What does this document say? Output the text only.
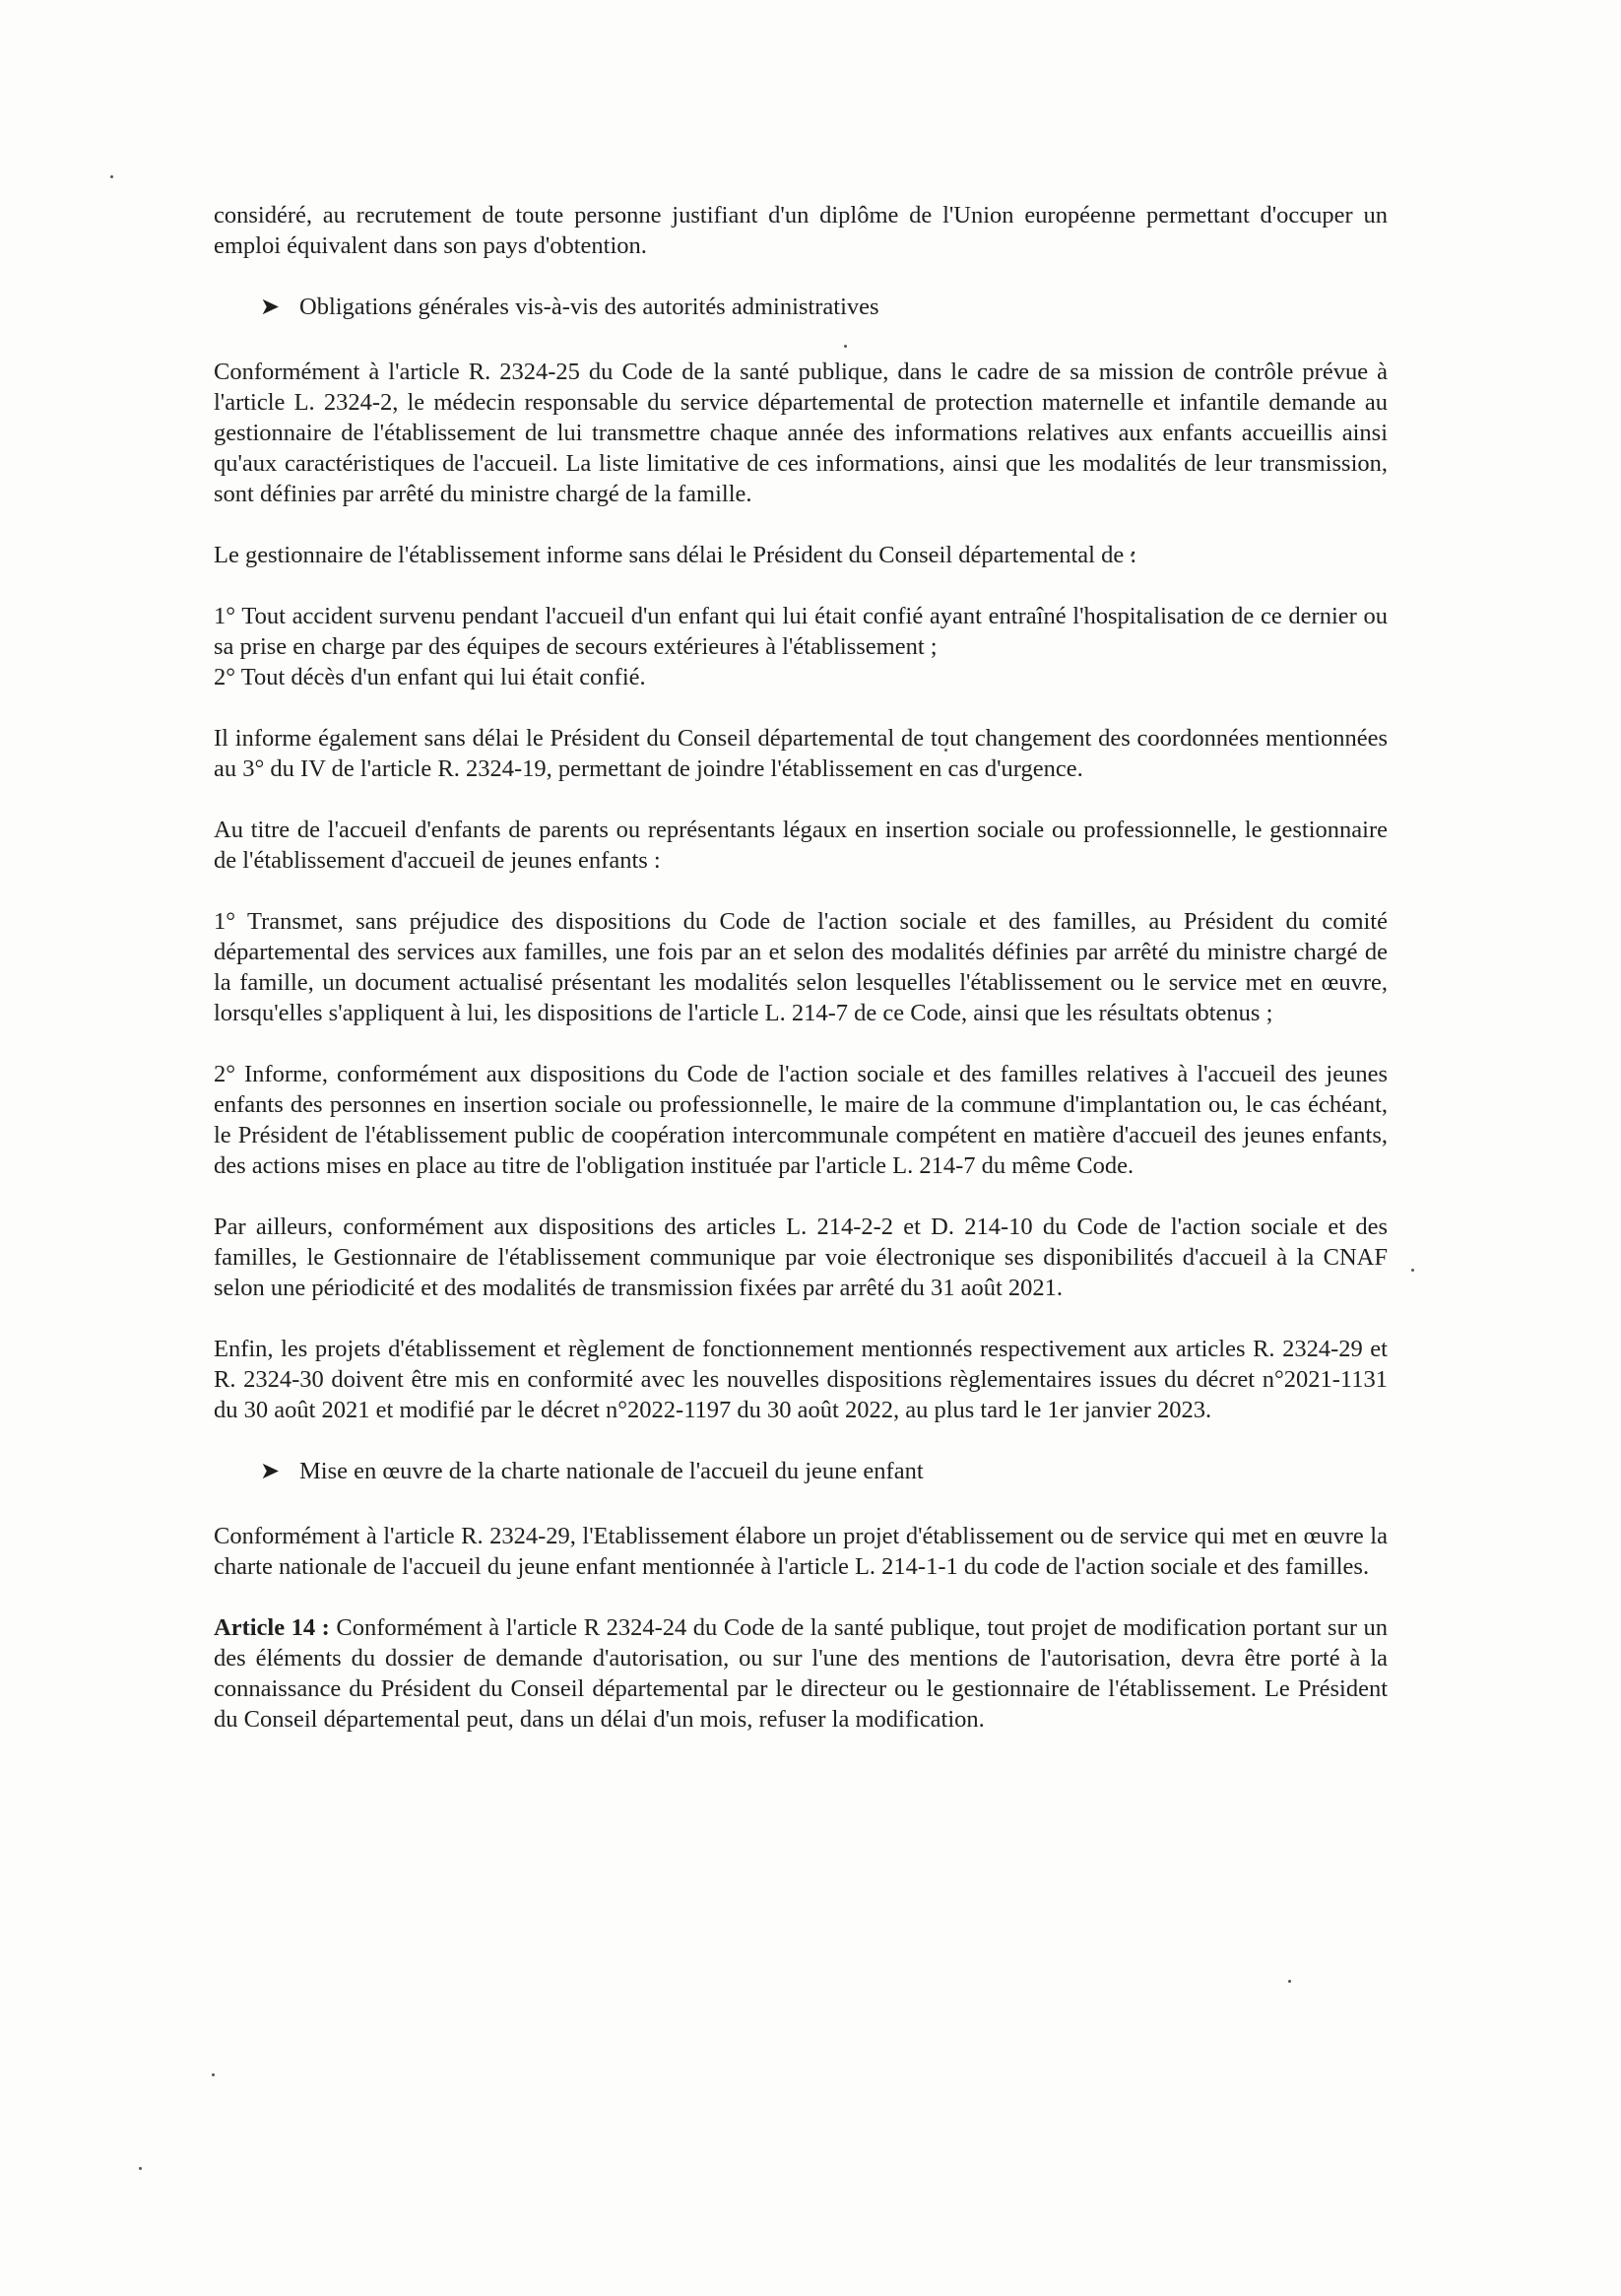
considéré, au recrutement de toute personne justifiant d'un diplôme de l'Union européenne permettant d'occuper un emploi équivalent dans son pays d'obtention.

➤ Obligations générales vis-à-vis des autorités administratives

Conformément à l'article R. 2324-25 du Code de la santé publique, dans le cadre de sa mission de contrôle prévue à l'article L. 2324-2, le médecin responsable du service départemental de protection maternelle et infantile demande au gestionnaire de l'établissement de lui transmettre chaque année des informations relatives aux enfants accueillis ainsi qu'aux caractéristiques de l'accueil. La liste limitative de ces informations, ainsi que les modalités de leur transmission, sont définies par arrêté du ministre chargé de la famille.

Le gestionnaire de l'établissement informe sans délai le Président du Conseil départemental de :

1° Tout accident survenu pendant l'accueil d'un enfant qui lui était confié ayant entraîné l'hospitalisation de ce dernier ou sa prise en charge par des équipes de secours extérieures à l'établissement ;
2° Tout décès d'un enfant qui lui était confié.

Il informe également sans délai le Président du Conseil départemental de tout changement des coordonnées mentionnées au 3° du IV de l'article R. 2324-19, permettant de joindre l'établissement en cas d'urgence.

Au titre de l'accueil d'enfants de parents ou représentants légaux en insertion sociale ou professionnelle, le gestionnaire de l'établissement d'accueil de jeunes enfants :

1° Transmet, sans préjudice des dispositions du Code de l'action sociale et des familles, au Président du comité départemental des services aux familles, une fois par an et selon des modalités définies par arrêté du ministre chargé de la famille, un document actualisé présentant les modalités selon lesquelles l'établissement ou le service met en œuvre, lorsqu'elles s'appliquent à lui, les dispositions de l'article L. 214-7 de ce Code, ainsi que les résultats obtenus ;

2° Informe, conformément aux dispositions du Code de l'action sociale et des familles relatives à l'accueil des jeunes enfants des personnes en insertion sociale ou professionnelle, le maire de la commune d'implantation ou, le cas échéant, le Président de l'établissement public de coopération intercommunale compétent en matière d'accueil des jeunes enfants, des actions mises en place au titre de l'obligation instituée par l'article L. 214-7 du même Code.

Par ailleurs, conformément aux dispositions des articles L. 214-2-2 et D. 214-10 du Code de l'action sociale et des familles, le Gestionnaire de l'établissement communique par voie électronique ses disponibilités d'accueil à la CNAF selon une périodicité et des modalités de transmission fixées par arrêté du 31 août 2021.

Enfin, les projets d'établissement et règlement de fonctionnement mentionnés respectivement aux articles R. 2324-29 et R. 2324-30 doivent être mis en conformité avec les nouvelles dispositions règlementaires issues du décret n°2021-1131 du 30 août 2021 et modifié par le décret n°2022-1197 du 30 août 2022, au plus tard le 1er janvier 2023.

➤ Mise en œuvre de la charte nationale de l'accueil du jeune enfant

Conformément à l'article R. 2324-29, l'Etablissement élabore un projet d'établissement ou de service qui met en œuvre la charte nationale de l'accueil du jeune enfant mentionnée à l'article L. 214-1-1 du code de l'action sociale et des familles.

Article 14 : Conformément à l'article R 2324-24 du Code de la santé publique, tout projet de modification portant sur un des éléments du dossier de demande d'autorisation, ou sur l'une des mentions de l'autorisation, devra être porté à la connaissance du Président du Conseil départemental par le directeur ou le gestionnaire de l'établissement. Le Président du Conseil départemental peut, dans un délai d'un mois, refuser la modification.
